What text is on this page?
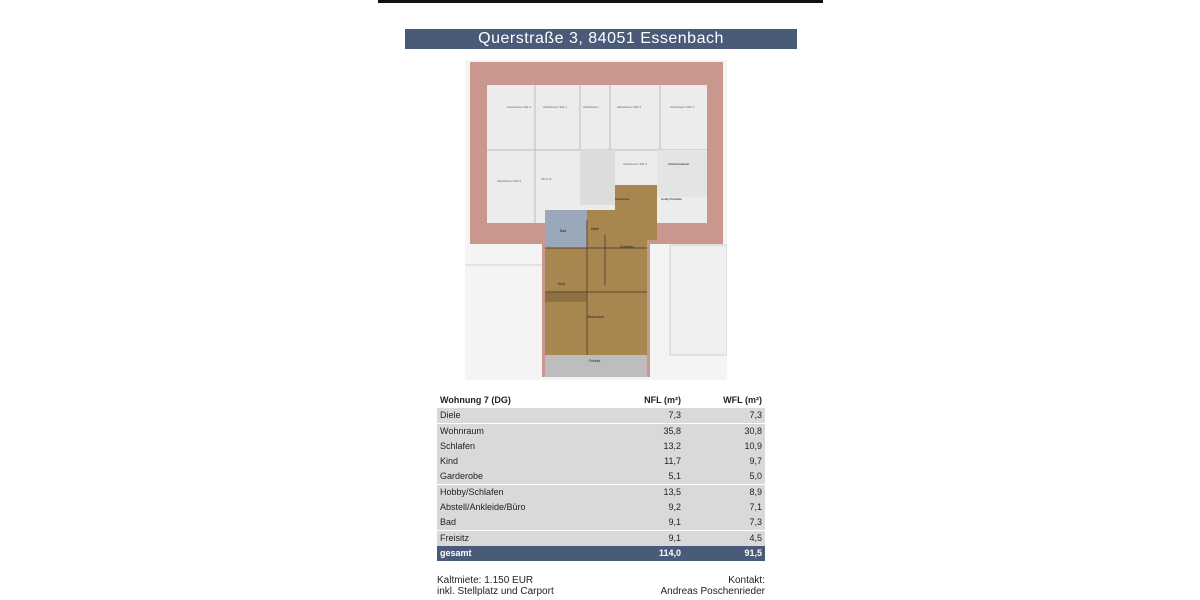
Querstraße 3, 84051 Essenbach
Abstellraum WE 4	Abstellraum WE 1	Abstellraum	Abstellraum WE 2	Abstellraum WE 3
Flur/Tür
Abstellraum WE 5
Abstellraum WE 3
Bad	Diele
Kind
Schlafen
Garderobe
Abstell/Ankleide
Hobby/Schlafen
Wohnraum
Freisitz
Wohnung 7 (DG)	NFL (m²)	WFL (m²)
Diele	7,3	7,3
Wohnraum	35,8	30,8
Schlafen	13,2	10,9
Kind	11,7	9,7
Garderobe	5,1	5,0
Hobby/Schlafen	13,5	8,9
Abstell/Ankleide/Büro	9,2	7,1
Bad	9,1	7,3
Freisitz	9,1	4,5
gesamt	114,0	91,5
Kaltmiete: 1.150 EUR
inkl. Stellplatz und Carport
Kontakt:
Andreas Poschenrieder
